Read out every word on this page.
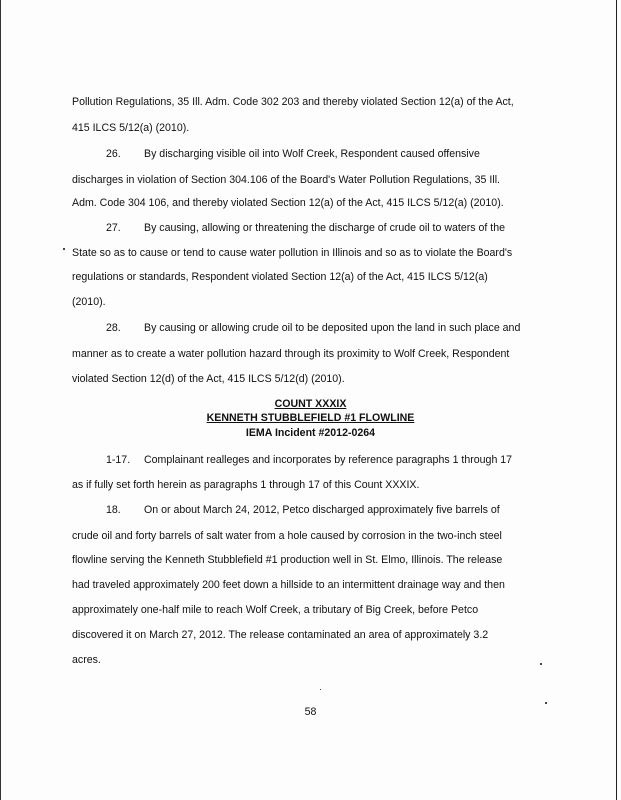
Pollution Regulations, 35 Ill. Adm. Code 302 203 and thereby violated Section 12(a) of the Act,
415 ILCS 5/12(a) (2010).
26. By discharging visible oil into Wolf Creek, Respondent caused offensive
discharges in violation of Section 304.106 of the Board's Water Pollution Regulations, 35 Ill.
Adm. Code 304 106, and thereby violated Section 12(a) of the Act, 415 ILCS 5/12(a) (2010).
27. By causing, allowing or threatening the discharge of crude oil to waters of the
State so as to cause or tend to cause water pollution in Illinois and so as to violate the Board's
regulations or standards, Respondent violated Section 12(a) of the Act, 415 ILCS 5/12(a)
(2010).
28. By causing or allowing crude oil to be deposited upon the land in such place and
manner as to create a water pollution hazard through its proximity to Wolf Creek, Respondent
violated Section 12(d) of the Act, 415 ILCS 5/12(d) (2010).
COUNT XXXIX
KENNETH STUBBLEFIELD #1 FLOWLINE
IEMA Incident #2012-0264
1-17. Complainant realleges and incorporates by reference paragraphs 1 through 17
as if fully set forth herein as paragraphs 1 through 17 of this Count XXXIX.
18. On or about March 24, 2012, Petco discharged approximately five barrels of
crude oil and forty barrels of salt water from a hole caused by corrosion in the two-inch steel
flowline serving the Kenneth Stubblefield #1 production well in St. Elmo, Illinois. The release
had traveled approximately 200 feet down a hillside to an intermittent drainage way and then
approximately one-half mile to reach Wolf Creek, a tributary of Big Creek, before Petco
discovered it on March 27, 2012. The release contaminated an area of approximately 3.2
acres.
58
